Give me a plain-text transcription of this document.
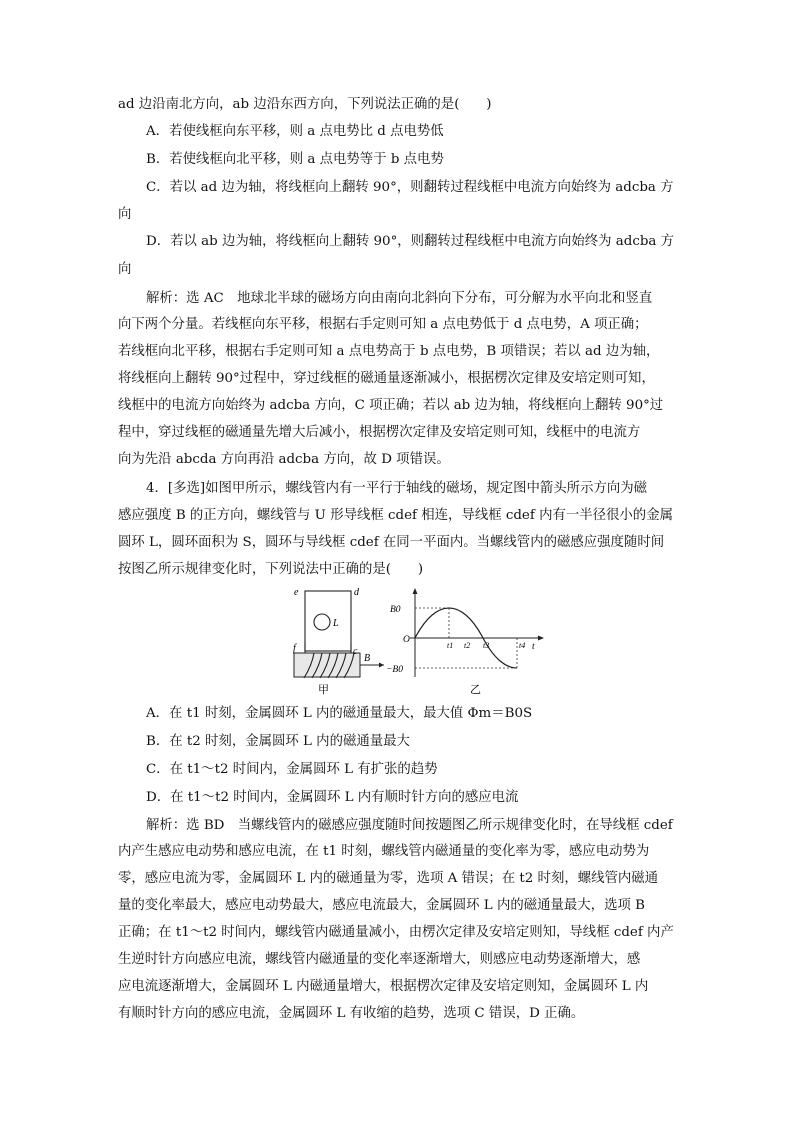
ad 边沿南北方向，ab 边沿东西方向，下列说法正确的是(　　)
A．若使线框向东平移，则 a 点电势比 d 点电势低
B．若使线框向北平移，则 a 点电势等于 b 点电势
C．若以 ad 边为轴，将线框向上翻转 90°，则翻转过程线框中电流方向始终为 adcba 方
向
D．若以 ab 边为轴，将线框向上翻转 90°，则翻转过程线框中电流方向始终为 adcba 方
向
解析：选 AC　地球北半球的磁场方向由南向北斜向下分布，可分解为水平向北和竖直
向下两个分量。若线框向东平移，根据右手定则可知 a 点电势低于 d 点电势，A 项正确；
若线框向北平移，根据右手定则可知 a 点电势高于 b 点电势，B 项错误；若以 ad 边为轴，
将线框向上翻转 90°过程中，穿过线框的磁通量逐渐减小，根据楞次定律及安培定则可知，
线框中的电流方向始终为 adcba 方向，C 项正确；若以 ab 边为轴，将线框向上翻转 90°过
程中，穿过线框的磁通量先增大后减小，根据楞次定律及安培定则可知，线框中的电流方
向为先沿 abcda 方向再沿 adcba 方向，故 D 项错误。
4．[多选]如图甲所示，螺线管内有一平行于轴线的磁场，规定图中箭头所示方向为磁
感应强度 B 的正方向，螺线管与 U 形导线框 cdef 相连，导线框 cdef 内有一半径很小的金属
圆环 L，圆环面积为 S，圆环与导线框 cdef 在同一平面内。当螺线管内的磁感应强度随时间
按图乙所示规律变化时，下列说法中正确的是(　　)
e	d
f	c
L
B
甲
B0
O
−B0
t1 t2 t3	t4 t
乙
A．在 t1 时刻，金属圆环 L 内的磁通量最大，最大值 Φm＝B0S
B．在 t2 时刻，金属圆环 L 内的磁通量最大
C．在 t1～t2 时间内，金属圆环 L 有扩张的趋势
D．在 t1～t2 时间内，金属圆环 L 内有顺时针方向的感应电流
解析：选 BD　当螺线管内的磁感应强度随时间按题图乙所示规律变化时，在导线框 cdef
内产生感应电动势和感应电流，在 t1 时刻，螺线管内磁通量的变化率为零，感应电动势为
零，感应电流为零，金属圆环 L 内的磁通量为零，选项 A 错误；在 t2 时刻，螺线管内磁通
量的变化率最大，感应电动势最大，感应电流最大，金属圆环 L 内的磁通量最大，选项 B
正确；在 t1～t2 时间内，螺线管内磁通量减小，由楞次定律及安培定则知，导线框 cdef 内产
生逆时针方向感应电流，螺线管内磁通量的变化率逐渐增大，则感应电动势逐渐增大，感
应电流逐渐增大，金属圆环 L 内磁通量增大，根据楞次定律及安培定则知，金属圆环 L 内
有顺时针方向的感应电流，金属圆环 L 有收缩的趋势，选项 C 错误，D 正确。
